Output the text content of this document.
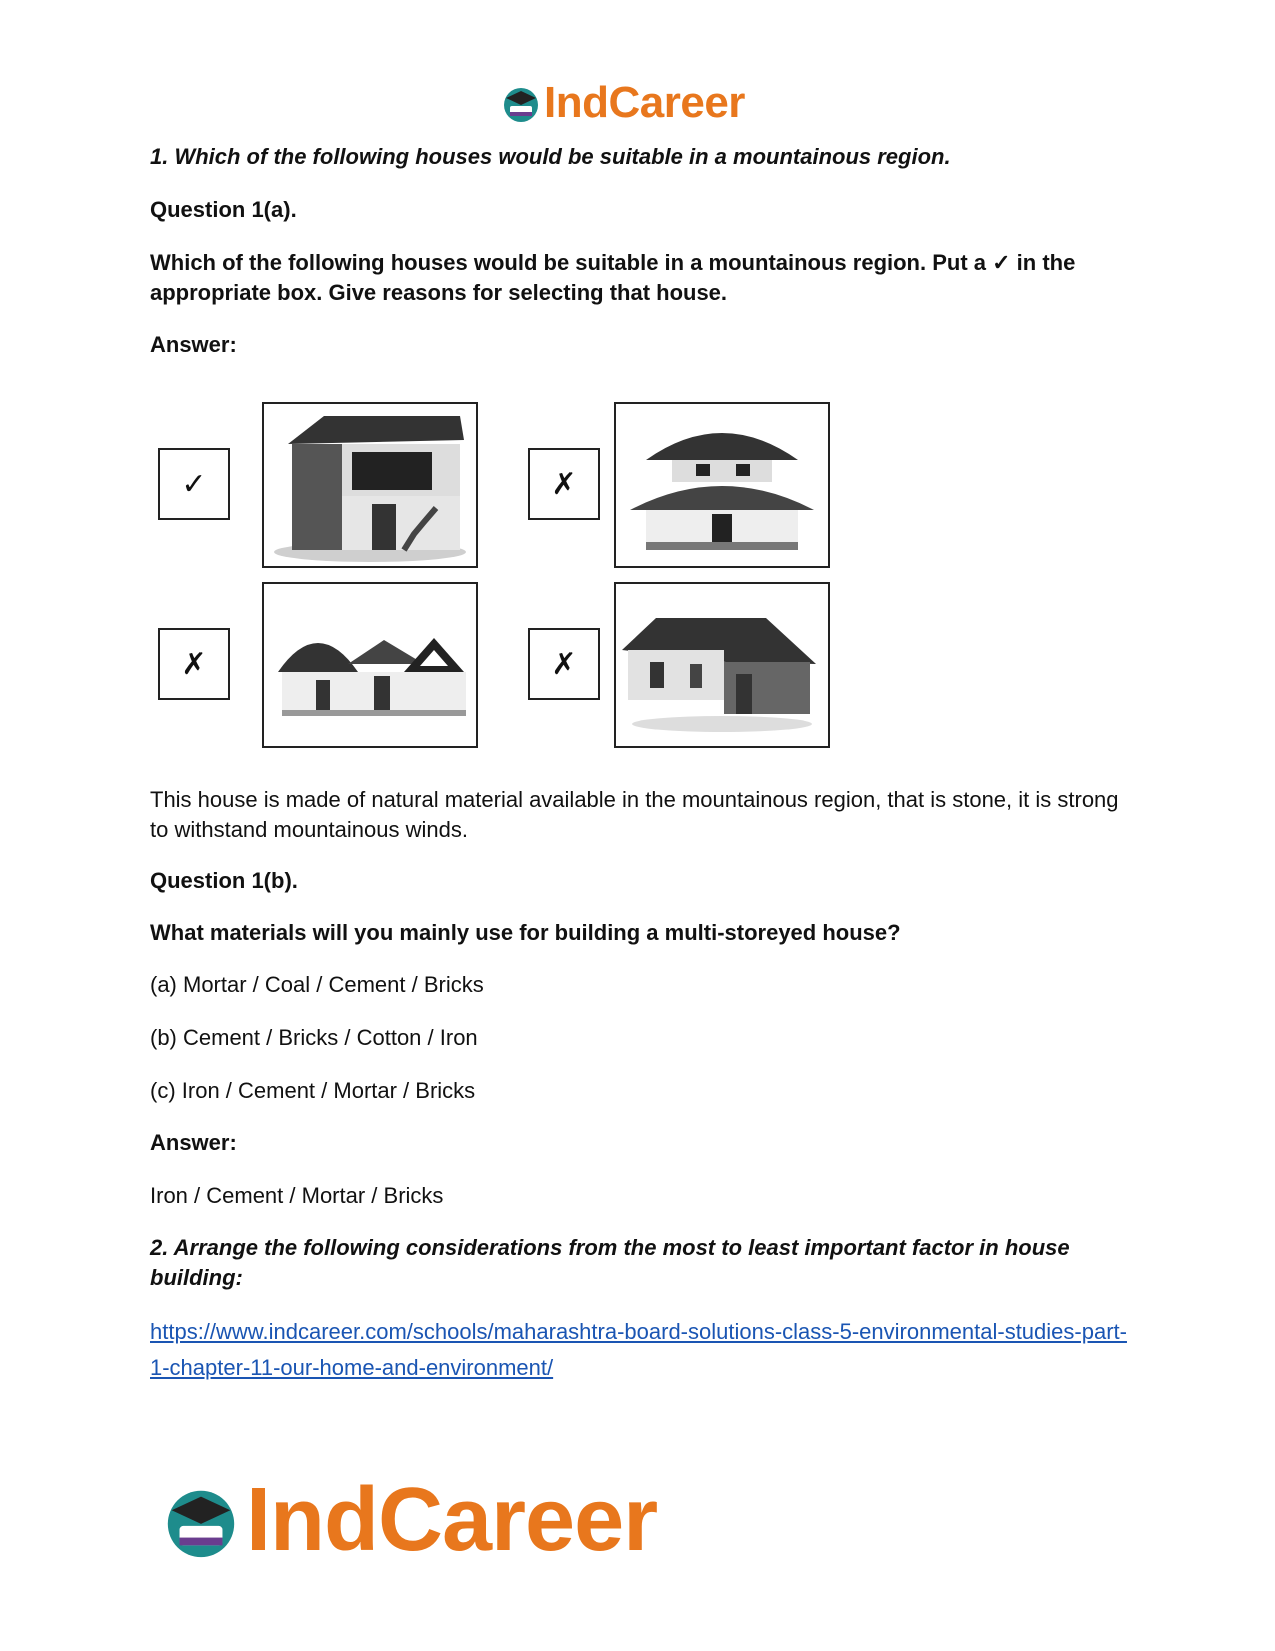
IndCareer
1. Which of the following houses would be suitable in a mountainous region.
Question 1(a).
Which of the following houses would be suitable in a mountainous region. Put a ✓ in the appropriate box. Give reasons for selecting that house.
Answer:
✓	✗
✗	✗
This house is made of natural material available in the mountainous region, that is stone, it is strong to withstand mountainous winds.
Question 1(b).
What materials will you mainly use for building a multi-storeyed house?
(a) Mortar / Coal / Cement / Bricks
(b) Cement / Bricks / Cotton / Iron
(c) Iron / Cement / Mortar / Bricks
Answer:
Iron / Cement / Mortar / Bricks
2. Arrange the following considerations from the most to least important factor in house building:
https://www.indcareer.com/schools/maharashtra-board-solutions-class-5-environmental-studies-part-1-chapter-11-our-home-and-environment/
IndCareer
